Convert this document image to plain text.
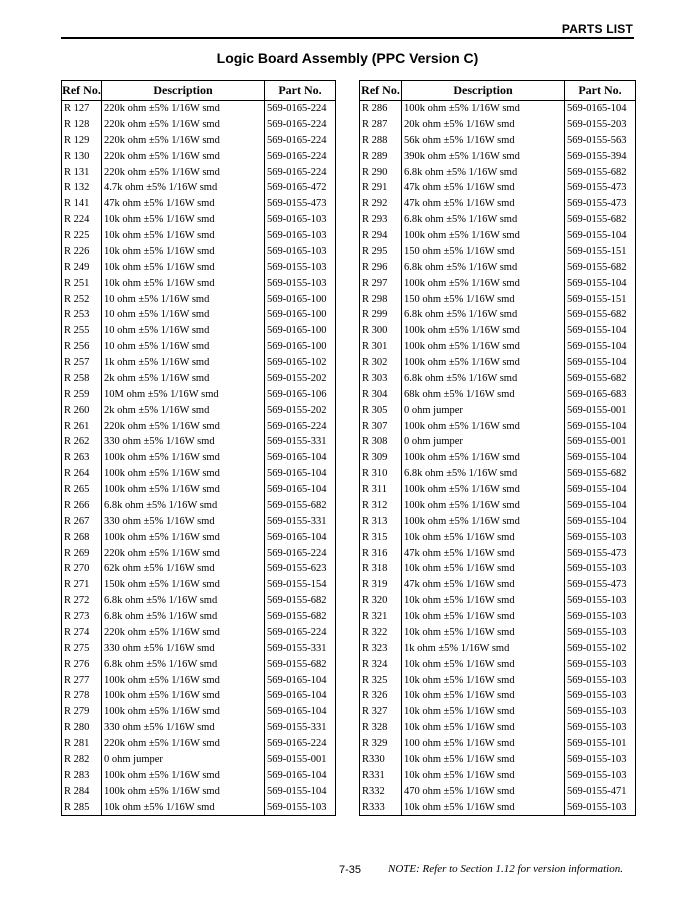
PARTS LIST
Logic Board Assembly (PPC Version C)
Ref No.	Description	Part No.
R 127	220k ohm ±5% 1/16W smd	569-0165-224
R 128	220k ohm ±5% 1/16W smd	569-0165-224
R 129	220k ohm ±5% 1/16W smd	569-0165-224
R 130	220k ohm ±5% 1/16W smd	569-0165-224
R 131	220k ohm ±5% 1/16W smd	569-0165-224
R 132	4.7k ohm ±5% 1/16W smd	569-0165-472
R 141	47k ohm ±5% 1/16W smd	569-0155-473
R 224	10k ohm ±5% 1/16W smd	569-0165-103
R 225	10k ohm ±5% 1/16W smd	569-0165-103
R 226	10k ohm ±5% 1/16W smd	569-0165-103
R 249	10k ohm ±5% 1/16W smd	569-0155-103
R 251	10k ohm ±5% 1/16W smd	569-0155-103
R 252	10 ohm ±5% 1/16W smd	569-0165-100
R 253	10 ohm ±5% 1/16W smd	569-0165-100
R 255	10 ohm ±5% 1/16W smd	569-0165-100
R 256	10 ohm ±5% 1/16W smd	569-0165-100
R 257	1k ohm ±5% 1/16W smd	569-0165-102
R 258	2k ohm ±5% 1/16W smd	569-0155-202
R 259	10M ohm ±5% 1/16W smd	569-0165-106
R 260	2k ohm ±5% 1/16W smd	569-0155-202
R 261	220k ohm ±5% 1/16W smd	569-0165-224
R 262	330 ohm ±5% 1/16W smd	569-0155-331
R 263	100k ohm ±5% 1/16W smd	569-0165-104
R 264	100k ohm ±5% 1/16W smd	569-0165-104
R 265	100k ohm ±5% 1/16W smd	569-0165-104
R 266	6.8k ohm ±5% 1/16W smd	569-0155-682
R 267	330 ohm ±5% 1/16W smd	569-0155-331
R 268	100k ohm ±5% 1/16W smd	569-0165-104
R 269	220k ohm ±5% 1/16W smd	569-0165-224
R 270	62k ohm ±5% 1/16W smd	569-0155-623
R 271	150k ohm ±5% 1/16W smd	569-0155-154
R 272	6.8k ohm ±5% 1/16W smd	569-0155-682
R 273	6.8k ohm ±5% 1/16W smd	569-0155-682
R 274	220k ohm ±5% 1/16W smd	569-0165-224
R 275	330 ohm ±5% 1/16W smd	569-0155-331
R 276	6.8k ohm ±5% 1/16W smd	569-0155-682
R 277	100k ohm ±5% 1/16W smd	569-0165-104
R 278	100k ohm ±5% 1/16W smd	569-0165-104
R 279	100k ohm ±5% 1/16W smd	569-0165-104
R 280	330 ohm ±5% 1/16W smd	569-0155-331
R 281	220k ohm ±5% 1/16W smd	569-0165-224
R 282	0 ohm jumper	569-0155-001
R 283	100k ohm ±5% 1/16W smd	569-0165-104
R 284	100k ohm ±5% 1/16W smd	569-0155-104
R 285	10k ohm ±5% 1/16W smd	569-0155-103
Ref No.	Description	Part No.
R 286	100k ohm ±5% 1/16W smd	569-0165-104
R 287	20k ohm ±5% 1/16W smd	569-0155-203
R 288	56k ohm ±5% 1/16W smd	569-0155-563
R 289	390k ohm ±5% 1/16W smd	569-0155-394
R 290	6.8k ohm ±5% 1/16W smd	569-0155-682
R 291	47k ohm ±5% 1/16W smd	569-0155-473
R 292	47k ohm ±5% 1/16W smd	569-0155-473
R 293	6.8k ohm ±5% 1/16W smd	569-0155-682
R 294	100k ohm ±5% 1/16W smd	569-0155-104
R 295	150 ohm ±5% 1/16W smd	569-0155-151
R 296	6.8k ohm ±5% 1/16W smd	569-0155-682
R 297	100k ohm ±5% 1/16W smd	569-0155-104
R 298	150 ohm ±5% 1/16W smd	569-0155-151
R 299	6.8k ohm ±5% 1/16W smd	569-0155-682
R 300	100k ohm ±5% 1/16W smd	569-0155-104
R 301	100k ohm ±5% 1/16W smd	569-0155-104
R 302	100k ohm ±5% 1/16W smd	569-0155-104
R 303	6.8k ohm ±5% 1/16W smd	569-0155-682
R 304	68k ohm ±5% 1/16W smd	569-0165-683
R 305	0 ohm jumper	569-0155-001
R 307	100k ohm ±5% 1/16W smd	569-0155-104
R 308	0 ohm jumper	569-0155-001
R 309	100k ohm ±5% 1/16W smd	569-0155-104
R 310	6.8k ohm ±5% 1/16W smd	569-0155-682
R 311	100k ohm ±5% 1/16W smd	569-0155-104
R 312	100k ohm ±5% 1/16W smd	569-0155-104
R 313	100k ohm ±5% 1/16W smd	569-0155-104
R 315	10k ohm ±5% 1/16W smd	569-0155-103
R 316	47k ohm ±5% 1/16W smd	569-0155-473
R 318	10k ohm ±5% 1/16W smd	569-0155-103
R 319	47k ohm ±5% 1/16W smd	569-0155-473
R 320	10k ohm ±5% 1/16W smd	569-0155-103
R 321	10k ohm ±5% 1/16W smd	569-0155-103
R 322	10k ohm ±5% 1/16W smd	569-0155-103
R 323	1k ohm ±5% 1/16W smd	569-0155-102
R 324	10k ohm ±5% 1/16W smd	569-0155-103
R 325	10k ohm ±5% 1/16W smd	569-0155-103
R 326	10k ohm ±5% 1/16W smd	569-0155-103
R 327	10k ohm ±5% 1/16W smd	569-0155-103
R 328	10k ohm ±5% 1/16W smd	569-0155-103
R 329	100 ohm ±5% 1/16W smd	569-0155-101
R330	10k ohm ±5% 1/16W smd	569-0155-103
R331	10k ohm ±5% 1/16W smd	569-0155-103
R332	470 ohm ±5% 1/16W smd	569-0155-471
R333	10k ohm ±5% 1/16W smd	569-0155-103
7-35 NOTE: Refer to Section 1.12 for version information.
